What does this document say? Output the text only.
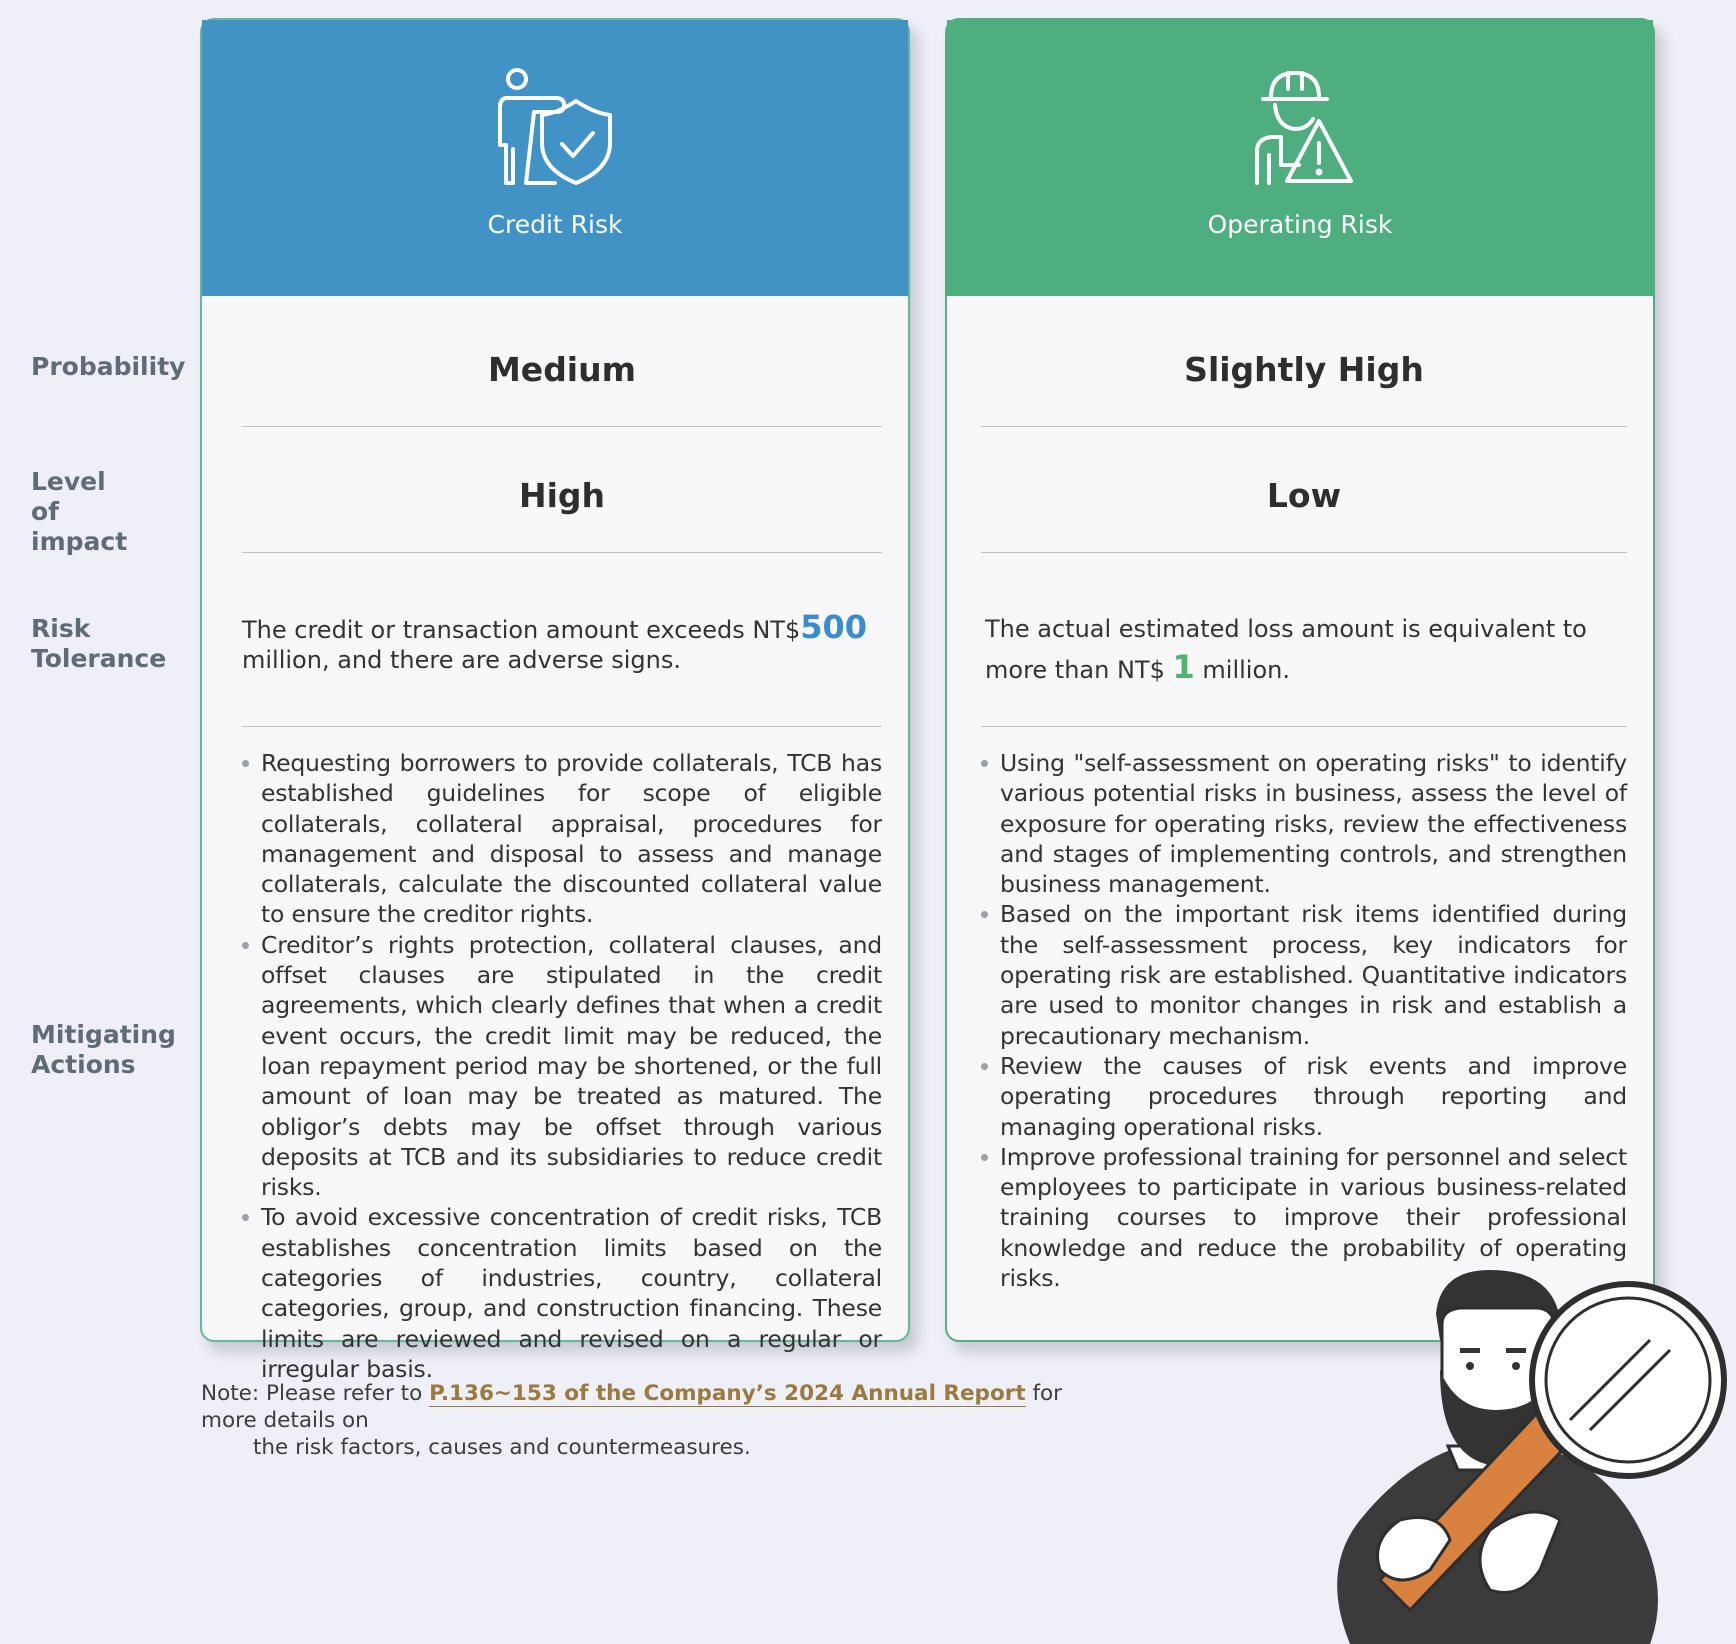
Probability
Level of impact
Risk Tolerance
Mitigating Actions
Credit Risk
Medium
High
The credit or transaction amount exceeds NT$500
million, and there are adverse signs.
Requesting borrowers to provide collaterals, TCB has established guidelines for scope of eligible collaterals, collateral appraisal, procedures for management and disposal to assess and manage collaterals, calculate the discounted collateral value to ensure the creditor rights.
Creditor’s rights protection, collateral clauses, and offset clauses are stipulated in the credit agreements, which clearly defines that when a credit event occurs, the credit limit may be reduced, the loan repayment period may be shortened, or the full amount of loan may be treated as matured. The obligor’s debts may be offset through various deposits at TCB and its subsidiaries to reduce credit risks.
To avoid excessive concentration of credit risks, TCB establishes concentration limits based on the categories of industries, country, collateral categories, group, and construction financing. These limits are reviewed and revised on a regular or irregular basis.
Operating Risk
Slightly High
Low
The actual estimated loss amount is equivalent to more than NT$ 1 million.
Using "self-assessment on operating risks" to identify various potential risks in business, assess the level of exposure for operating risks, review the effectiveness and stages of implementing controls, and strengthen business management.
Based on the important risk items identified during the self-assessment process, key indicators for operating risk are established. Quantitative indicators are used to monitor changes in risk and establish a precautionary mechanism.
Review the causes of risk events and improve operating procedures through reporting and managing operational risks.
Improve professional training for personnel and select employees to participate in various business-related training courses to improve their professional knowledge and reduce the probability of operating risks.
Note: Please refer to P.136~153 of the Company’s 2024 Annual Report for more details on
the risk factors, causes and countermeasures.
